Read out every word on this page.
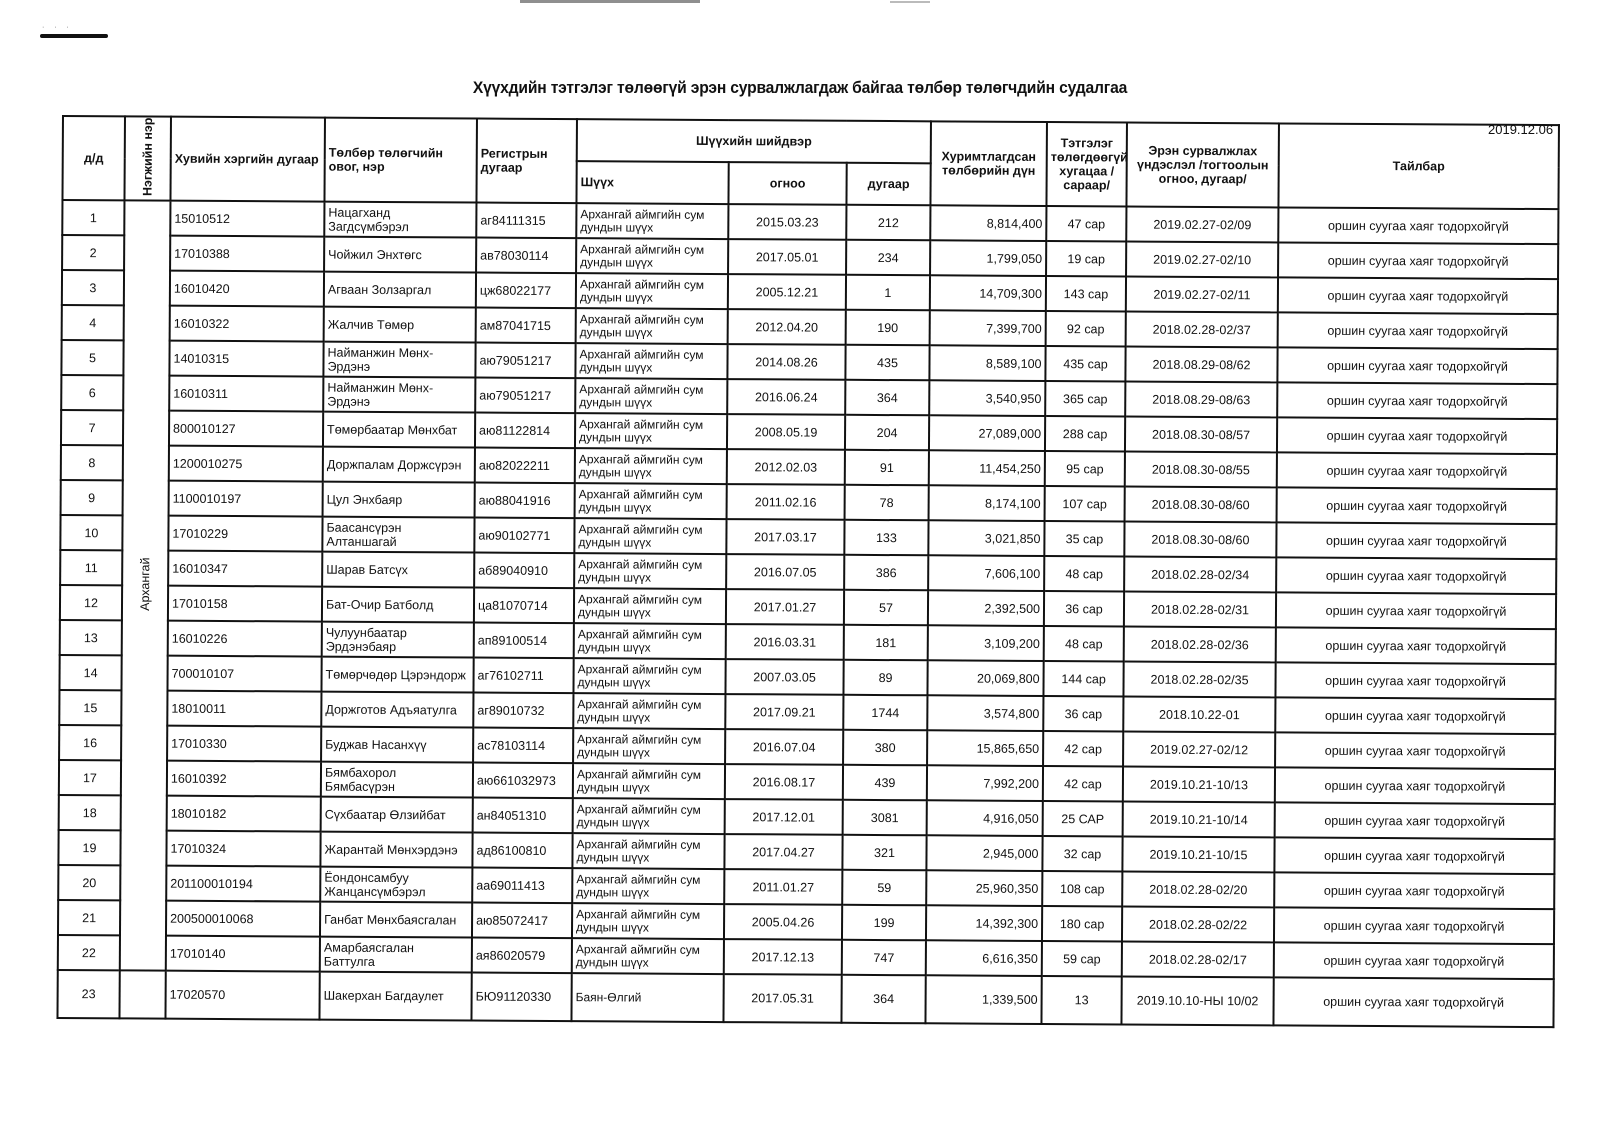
· · ·
Хүүхдийн тэтгэлэг төлөөгүй эрэн сурвалжлагдаж байгаа төлбөр төлөгчдийн судалгаа
2019.12.06
д/д	Нэгжийн нэр	Хувийн хэргийн дугаар	Төлбөр төлөгчийн овог, нэр	Регистрын дугаар	Шүүхийн шийдвэр			Хуримтлагдсан төлбөрийн дүн	Тэтгэлэг төлөгдөөгүй хугацаа /сараар/	Эрэн сурвалжлах үндэслэл /тогтоолын огноо, дугаар/	Тайлбар
					Шүүх	огноо	дугаар				
1	Архангай	15010512	Нацагханд Загдсүмбэрэл	аг84111315	Архангай аймгийн сум дундын шүүх	2015.03.23	212	8,814,400	47 сар	2019.02.27-02/09	оршин суугаа хаяг тодорхойгүй
2		17010388	Чойжил Энхтөгс	ав78030114	Архангай аймгийн сум дундын шүүх	2017.05.01	234	1,799,050	19 сар	2019.02.27-02/10	оршин суугаа хаяг тодорхойгүй
3		16010420	Агваан Золзаргал	цж68022177	Архангай аймгийн сум дундын шүүх	2005.12.21	1	14,709,300	143 сар	2019.02.27-02/11	оршин суугаа хаяг тодорхойгүй
4		16010322	Жалчив Төмөр	ам87041715	Архангай аймгийн сум дундын шүүх	2012.04.20	190	7,399,700	92 сар	2018.02.28-02/37	оршин суугаа хаяг тодорхойгүй
5		14010315	Найманжин Мөнх-Эрдэнэ	аю79051217	Архангай аймгийн сум дундын шүүх	2014.08.26	435	8,589,100	435 сар	2018.08.29-08/62	оршин суугаа хаяг тодорхойгүй
6		16010311	Найманжин Мөнх-Эрдэнэ	аю79051217	Архангай аймгийн сум дундын шүүх	2016.06.24	364	3,540,950	365 сар	2018.08.29-08/63	оршин суугаа хаяг тодорхойгүй
7		800010127	Төмөрбаатар Мөнхбат	аю81122814	Архангай аймгийн сум дундын шүүх	2008.05.19	204	27,089,000	288 сар	2018.08.30-08/57	оршин суугаа хаяг тодорхойгүй
8		1200010275	Доржпалам Доржсүрэн	аю82022211	Архангай аймгийн сум дундын шүүх	2012.02.03	91	11,454,250	95 сар	2018.08.30-08/55	оршин суугаа хаяг тодорхойгүй
9		1100010197	Цул Энхбаяр	аю88041916	Архангай аймгийн сум дундын шүүх	2011.02.16	78	8,174,100	107 сар	2018.08.30-08/60	оршин суугаа хаяг тодорхойгүй
10		17010229	Баасансүрэн Алтаншагай	аю90102771	Архангай аймгийн сум дундын шүүх	2017.03.17	133	3,021,850	35 сар	2018.08.30-08/60	оршин суугаа хаяг тодорхойгүй
11		16010347	Шарав Батсүх	аб89040910	Архангай аймгийн сум дундын шүүх	2016.07.05	386	7,606,100	48 сар	2018.02.28-02/34	оршин суугаа хаяг тодорхойгүй
12		17010158	Бат-Очир Батболд	ца81070714	Архангай аймгийн сум дундын шүүх	2017.01.27	57	2,392,500	36 сар	2018.02.28-02/31	оршин суугаа хаяг тодорхойгүй
13		16010226	Чулуунбаатар Эрдэнэбаяр	ап89100514	Архангай аймгийн сум дундын шүүх	2016.03.31	181	3,109,200	48 сар	2018.02.28-02/36	оршин суугаа хаяг тодорхойгүй
14		700010107	Төмөрчөдөр Цэрэндорж	аг76102711	Архангай аймгийн сум дундын шүүх	2007.03.05	89	20,069,800	144 сар	2018.02.28-02/35	оршин суугаа хаяг тодорхойгүй
15		18010011	Доржготов Адъяатулга	аг89010732	Архангай аймгийн сум дундын шүүх	2017.09.21	1744	3,574,800	36 сар	2018.10.22-01	оршин суугаа хаяг тодорхойгүй
16		17010330	Буджав Насанхүү	ас78103114	Архангай аймгийн сум дундын шүүх	2016.07.04	380	15,865,650	42 сар	2019.02.27-02/12	оршин суугаа хаяг тодорхойгүй
17		16010392	Бямбахорол Бямбасүрэн	аю661032973	Архангай аймгийн сум дундын шүүх	2016.08.17	439	7,992,200	42 сар	2019.10.21-10/13	оршин суугаа хаяг тодорхойгүй
18		18010182	Сүхбаатар Өлзийбат	ан84051310	Архангай аймгийн сум дундын шүүх	2017.12.01	3081	4,916,050	25 САР	2019.10.21-10/14	оршин суугаа хаяг тодорхойгүй
19		17010324	Жарантай Мөнхэрдэнэ	ад86100810	Архангай аймгийн сум дундын шүүх	2017.04.27	321	2,945,000	32 сар	2019.10.21-10/15	оршин суугаа хаяг тодорхойгүй
20		201100010194	Ёондонсамбуу Жанцансүмбэрэл	аа69011413	Архангай аймгийн сум дундын шүүх	2011.01.27	59	25,960,350	108 сар	2018.02.28-02/20	оршин суугаа хаяг тодорхойгүй
21		200500010068	Ганбат Мөнхбаясгалан	аю85072417	Архангай аймгийн сум дундын шүүх	2005.04.26	199	14,392,300	180 сар	2018.02.28-02/22	оршин суугаа хаяг тодорхойгүй
22		17010140	Амарбаясгалан Баттулга	ая86020579	Архангай аймгийн сум дундын шүүх	2017.12.13	747	6,616,350	59 сар	2018.02.28-02/17	оршин суугаа хаяг тодорхойгүй
23		17020570	Шакерхан Багдаулет	БЮ91120330	Баян-Өлгий	2017.05.31	364	1,339,500	13	2019.10.10-НЫ 10/02	оршин суугаа хаяг тодорхойгүй
